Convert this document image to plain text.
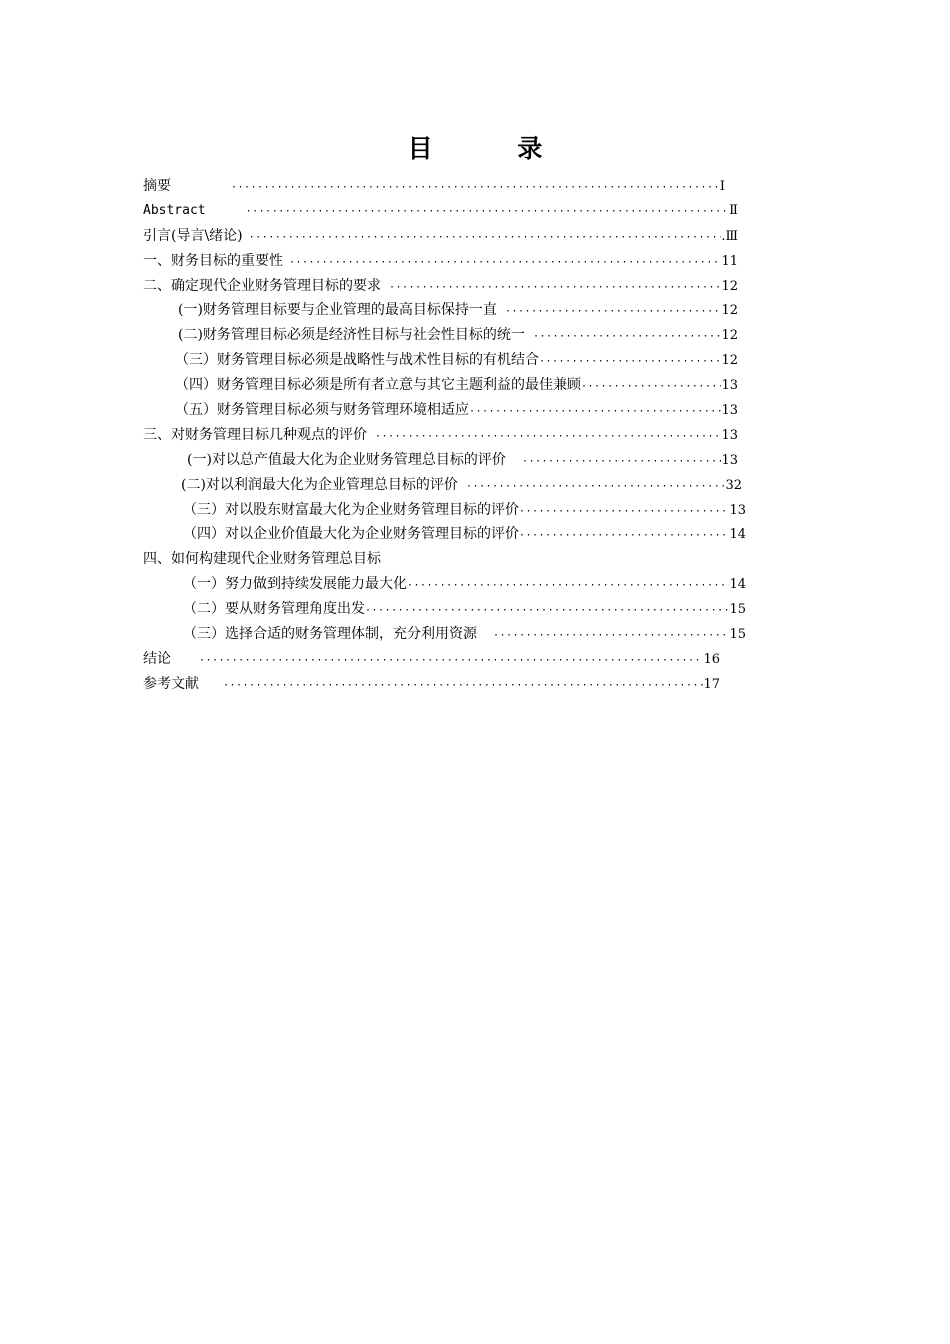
目 录
摘要 ·····	I
Abstract ·····	Ⅱ
引言(导言\绪论) ·····	.Ⅲ
一、财务目标的重要性 ·····	11
二、确定现代企业财务管理目标的要求 ·····	12
(一)财务管理目标要与企业管理的最高目标保持一直 ·····	12
(二)财务管理目标必须是经济性目标与社会性目标的统一 ·····	12
（三）财务管理目标必须是战略性与战术性目标的有机结合 ·····	12
（四）财务管理目标必须是所有者立意与其它主题利益的最佳兼顾 ·····	13
（五）财务管理目标必须与财务管理环境相适应 ·····	13
三、对财务管理目标几种观点的评价 ·····	13
(一)对以总产值最大化为企业财务管理总目标的评价 ·····	13
(二)对以利润最大化为企业管理总目标的评价 ·····	32
（三）对以股东财富最大化为企业财务管理目标的评价 ·····	13
（四）对以企业价值最大化为企业财务管理目标的评价 ·····	14
四、如何构建现代企业财务管理总目标
（一）努力做到持续发展能力最大化 ·····	14
（二）要从财务管理角度出发 ·····	15
（三）选择合适的财务管理体制，充分利用资源 ·····	15
结论 ·····	16
参考文献 ·····	17
